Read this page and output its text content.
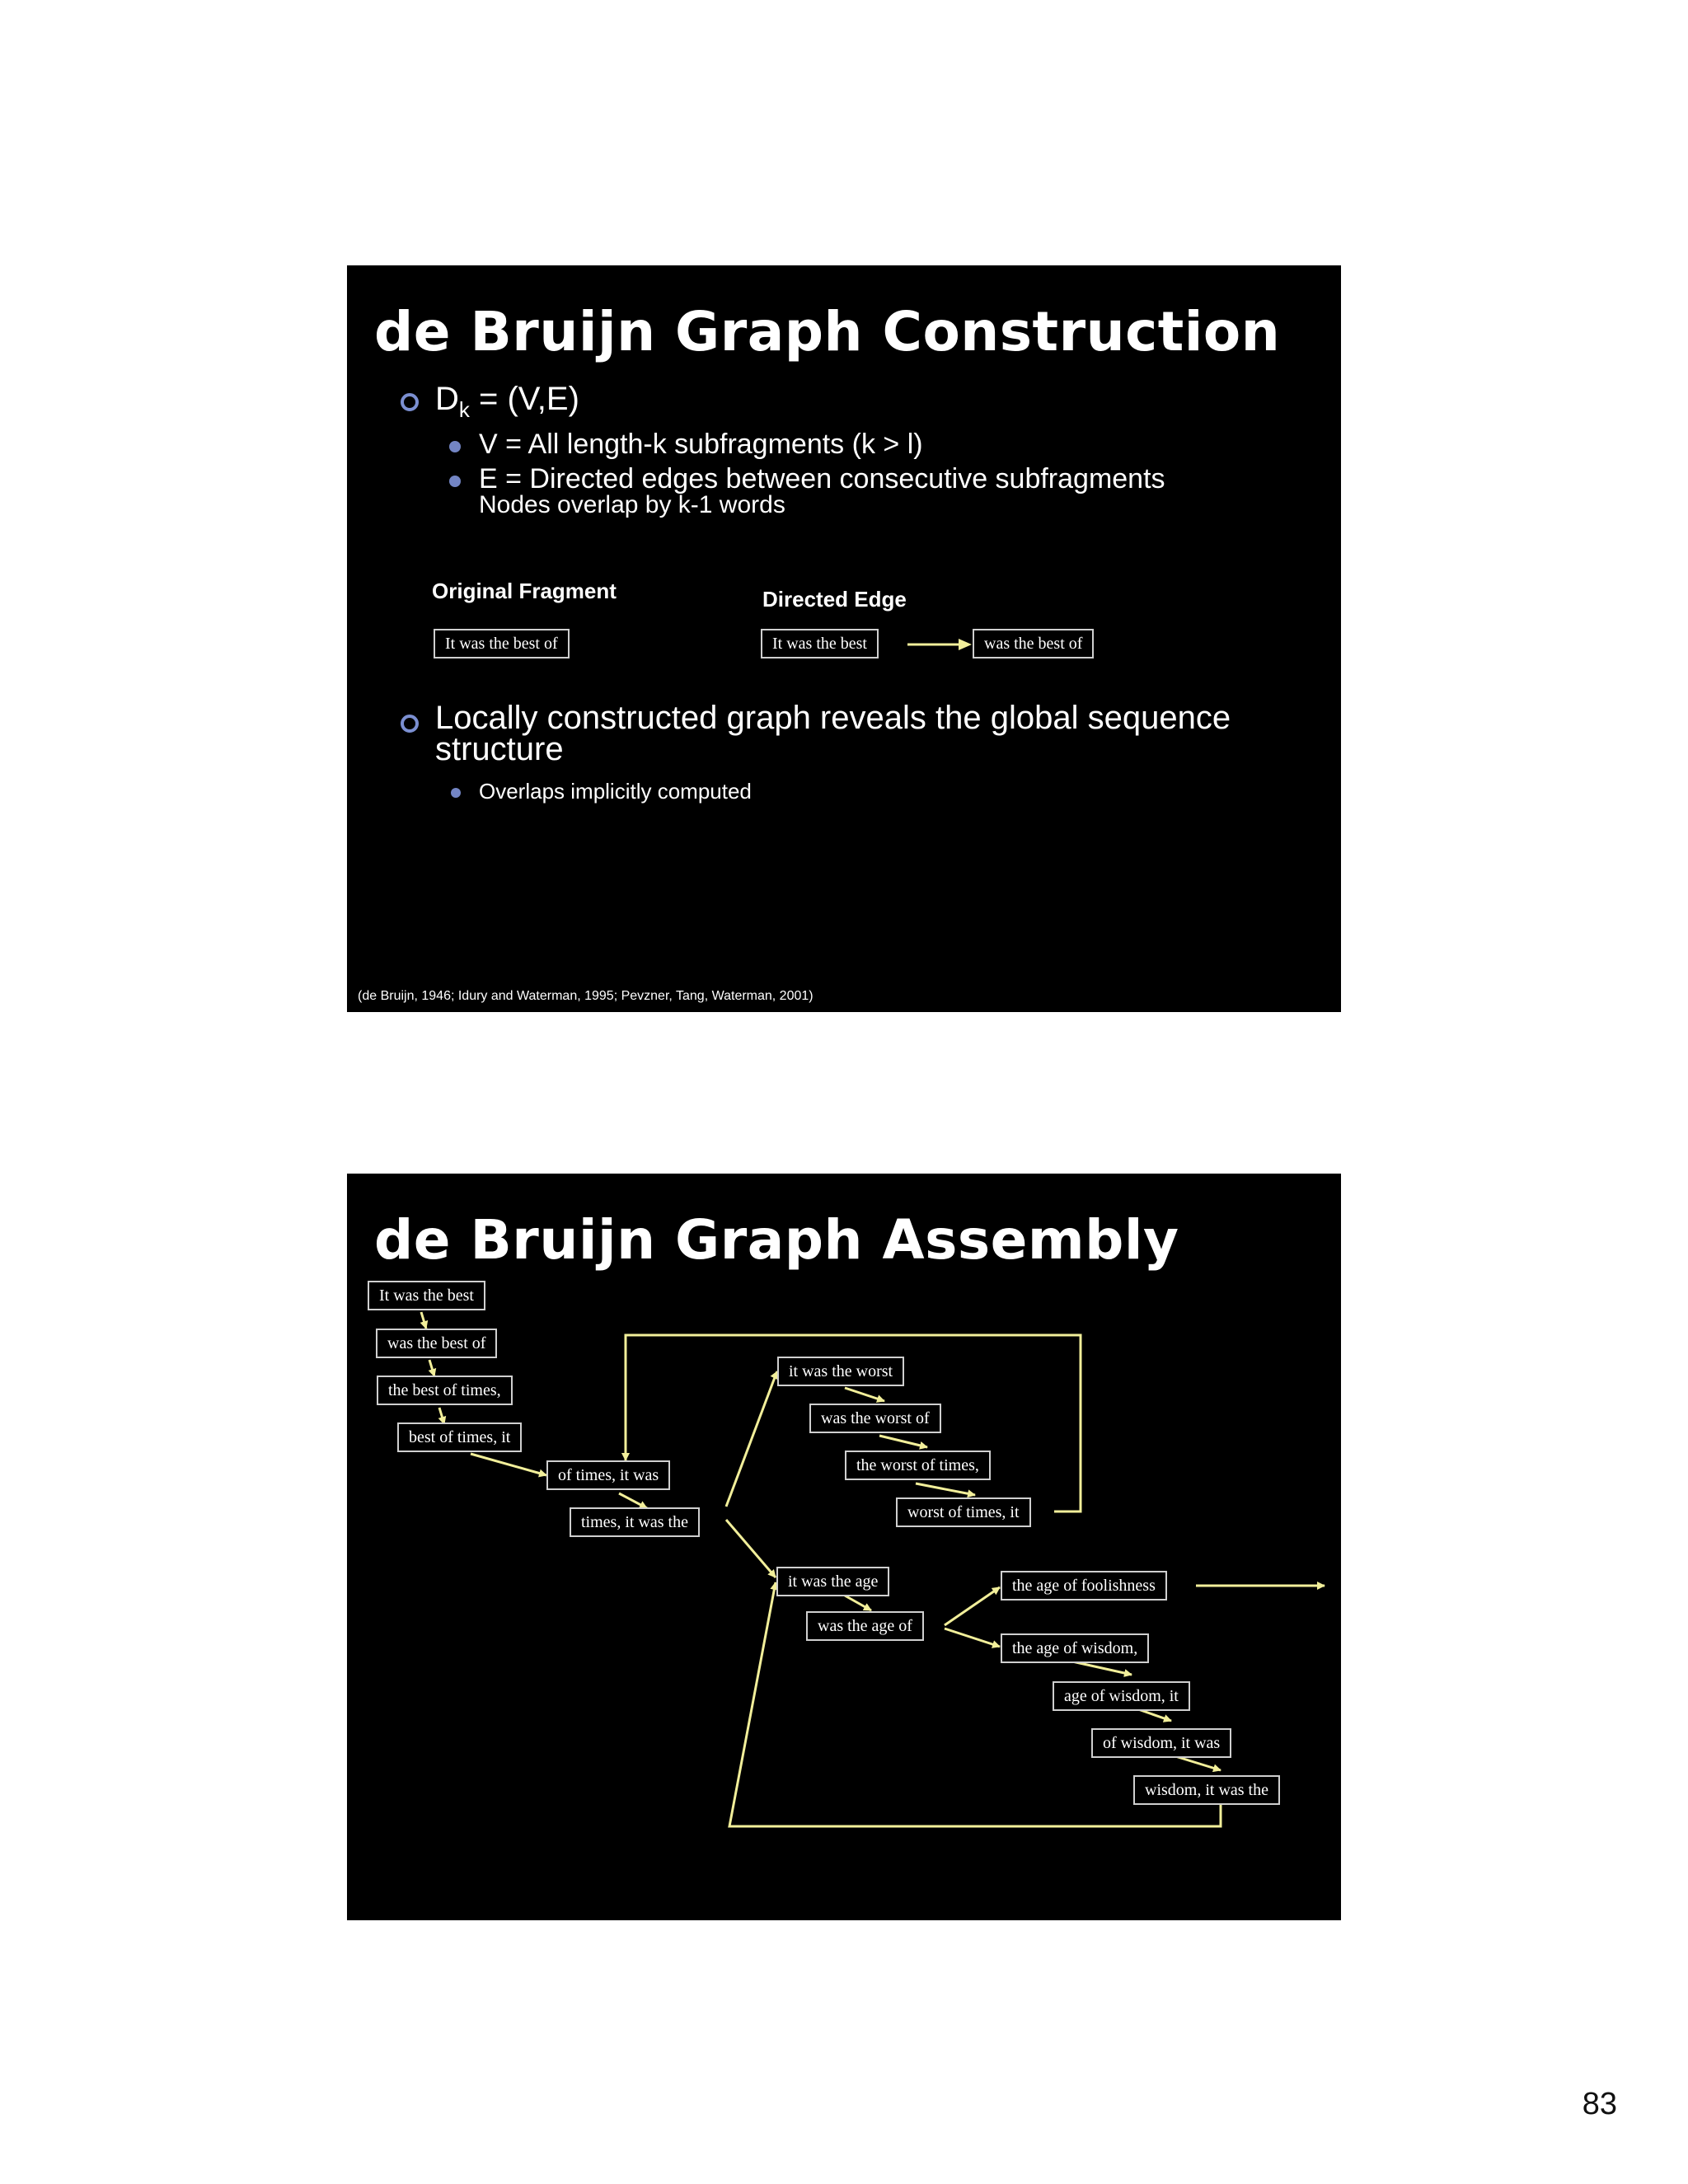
de Bruijn Graph Construction
$D_k = (V,E)$
V = All length-k subfragments (k > l)
E = Directed edges between consecutive subfragments
Nodes overlap by k-1 words
Original Fragment	Directed Edge
It was the best of	It was the best	was the best of
Locally constructed graph reveals the global sequence structure
Overlaps implicitly computed
(de Bruijn, 1946; Idury and Waterman, 1995; Pevzner, Tang, Waterman, 2001)
de Bruijn Graph Assembly
It was the best
was the best of
the best of times,
best of times, it
of times, it was
times, it was the
it was the worst
was the worst of
the worst of times,
worst of times, it
it was the age
was the age of
the age of foolishness
the age of wisdom,
age of wisdom, it
of wisdom, it was
wisdom, it was the
83
